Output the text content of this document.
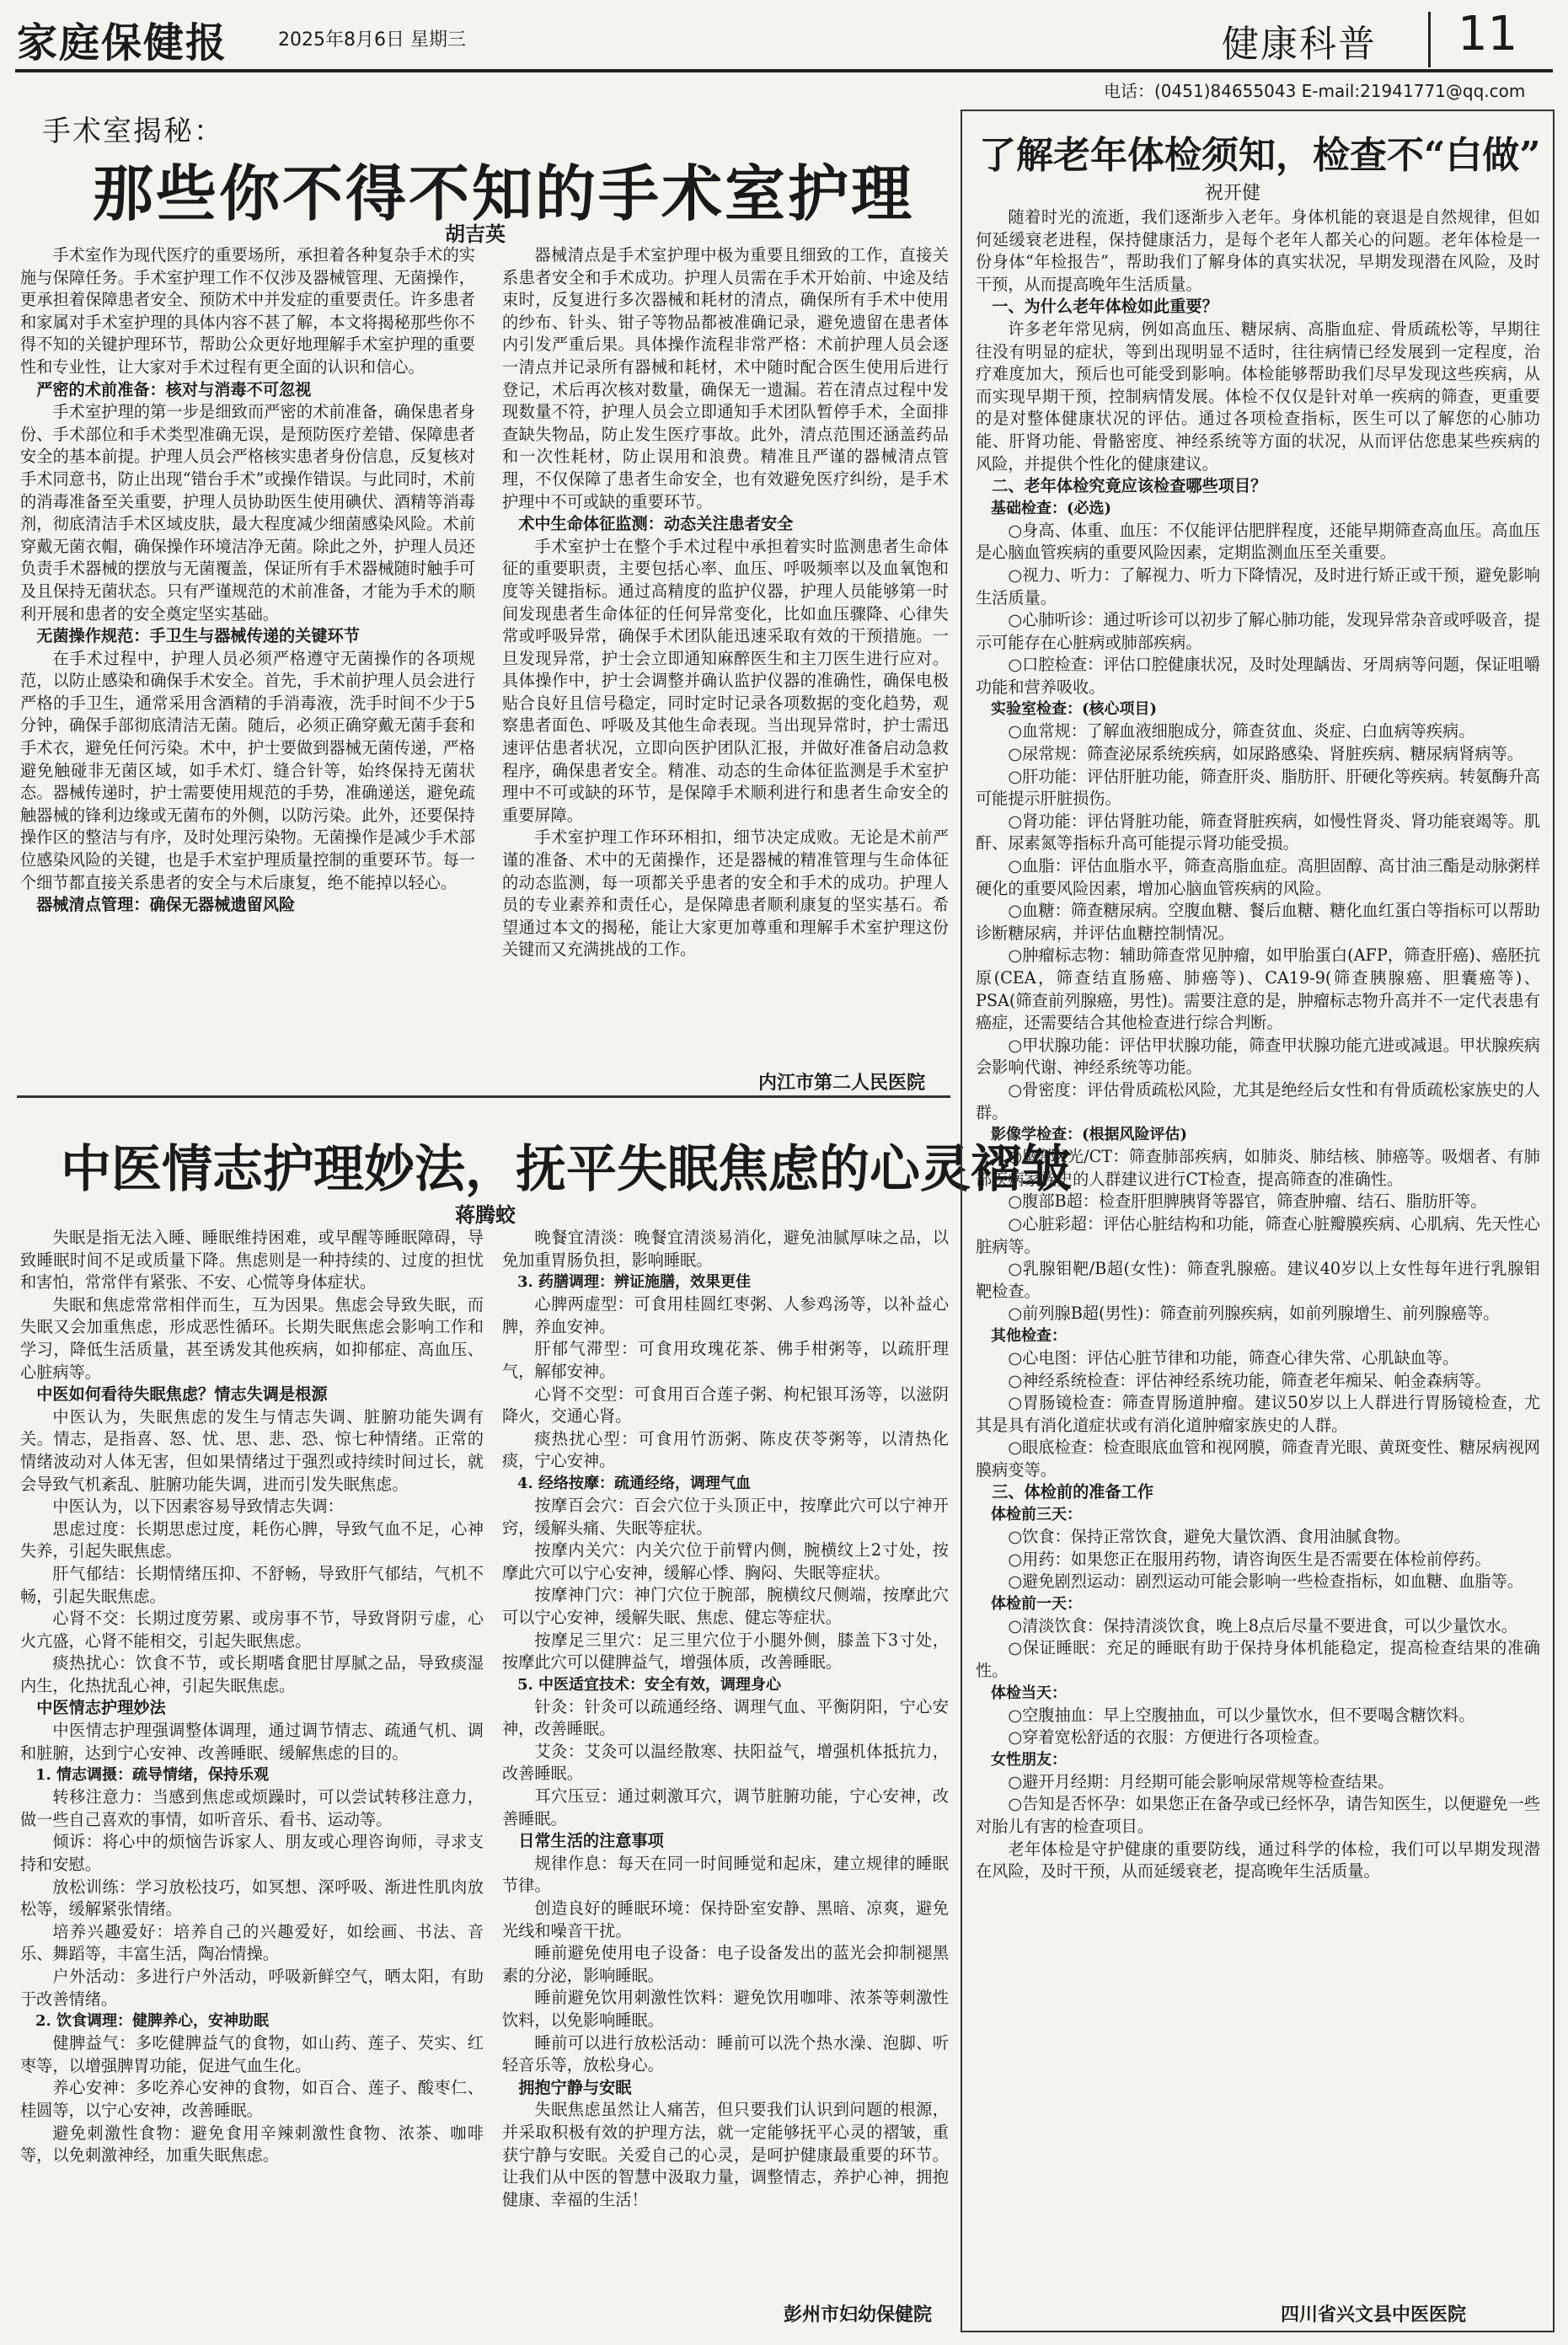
家庭保健报	2025年8月6日 星期三	健康科普 11
电话：(0451)84655043 E-mail:21941771@qq.com
手术室揭秘：
那些你不得不知的手术室护理
胡吉英

手术室作为现代医疗的重要场所，承担着各种复杂手术的实施与保障任务。手术室护理工作不仅涉及器械管理、无菌操作，更承担着保障患者安全、预防术中并发症的重要责任。许多患者和家属对手术室护理的具体内容不甚了解，本文将揭秘那些你不得不知的关键护理环节，帮助公众更好地理解手术室护理的重要性和专业性，让大家对手术过程有更全面的认识和信心。

严密的术前准备：核对与消毒不可忽视

手术室护理的第一步是细致而严密的术前准备，确保患者身份、手术部位和手术类型准确无误，是预防医疗差错、保障患者安全的基本前提。护理人员会严格核实患者身份信息，反复核对手术同意书，防止出现“错台手术”或操作错误。与此同时，术前的消毒准备至关重要，护理人员协助医生使用碘伏、酒精等消毒剂，彻底清洁手术区域皮肤，最大程度减少细菌感染风险。术前穿戴无菌衣帽，确保操作环境洁净无菌。除此之外，护理人员还负责手术器械的摆放与无菌覆盖，保证所有手术器械随时触手可及且保持无菌状态。只有严谨规范的术前准备，才能为手术的顺利开展和患者的安全奠定坚实基础。

无菌操作规范：手卫生与器械传递的关键环节

在手术过程中，护理人员必须严格遵守无菌操作的各项规范，以防止感染和确保手术安全。首先，手术前护理人员会进行严格的手卫生，通常采用含酒精的手消毒液，洗手时间不少于5分钟，确保手部彻底清洁无菌。随后，必须正确穿戴无菌手套和手术衣，避免任何污染。术中，护士要做到器械无菌传递，严格避免触碰非无菌区域，如手术灯、缝合针等，始终保持无菌状态。器械传递时，护士需要使用规范的手势，准确递送，避免疏触器械的锋利边缘或无菌布的外侧，以防污染。此外，还要保持操作区的整洁与有序，及时处理污染物。无菌操作是减少手术部位感染风险的关键，也是手术室护理质量控制的重要环节。每一个细节都直接关系患者的安全与术后康复，绝不能掉以轻心。

器械清点管理：确保无器械遗留风险

器械清点是手术室护理中极为重要且细致的工作，直接关系患者安全和手术成功。护理人员需在手术开始前、中途及结束时，反复进行多次器械和耗材的清点，确保所有手术中使用的纱布、针头、钳子等物品都被准确记录，避免遗留在患者体内引发严重后果。具体操作流程非常严格：术前护理人员会逐一清点并记录所有器械和耗材，术中随时配合医生使用后进行登记，术后再次核对数量，确保无一遗漏。若在清点过程中发现数量不符，护理人员会立即通知手术团队暂停手术，全面排查缺失物品，防止发生医疗事故。此外，清点范围还涵盖药品和一次性耗材，防止误用和浪费。精准且严谨的器械清点管理，不仅保障了患者生命安全，也有效避免医疗纠纷，是手术护理中不可或缺的重要环节。

术中生命体征监测：动态关注患者安全

手术室护士在整个手术过程中承担着实时监测患者生命体征的重要职责，主要包括心率、血压、呼吸频率以及血氧饱和度等关键指标。通过高精度的监护仪器，护理人员能够第一时间发现患者生命体征的任何异常变化，比如血压骤降、心律失常或呼吸异常，确保手术团队能迅速采取有效的干预措施。一旦发现异常，护士会立即通知麻醉医生和主刀医生进行应对。具体操作中，护士会调整并确认监护仪器的准确性，确保电极贴合良好且信号稳定，同时定时记录各项数据的变化趋势，观察患者面色、呼吸及其他生命表现。当出现异常时，护士需迅速评估患者状况，立即向医护团队汇报，并做好准备启动急救程序，确保患者安全。精准、动态的生命体征监测是手术室护理中不可或缺的环节，是保障手术顺利进行和患者生命安全的重要屏障。

手术室护理工作环环相扣，细节决定成败。无论是术前严谨的准备、术中的无菌操作，还是器械的精准管理与生命体征的动态监测，每一项都关乎患者的安全和手术的成功。护理人员的专业素养和责任心，是保障患者顺利康复的坚实基石。希望通过本文的揭秘，能让大家更加尊重和理解手术室护理这份关键而又充满挑战的工作。

内江市第二人民医院
中医情志护理妙法，抚平失眠焦虑的心灵褶皱
蒋腾蛟

失眠是指无法入睡、睡眠维持困难，或早醒等睡眠障碍，导致睡眠时间不足或质量下降。焦虑则是一种持续的、过度的担忧和害怕，常常伴有紧张、不安、心慌等身体症状。

失眠和焦虑常常相伴而生，互为因果。焦虑会导致失眠，而失眠又会加重焦虑，形成恶性循环。长期失眠焦虑会影响工作和学习，降低生活质量，甚至诱发其他疾病，如抑郁症、高血压、心脏病等。

中医如何看待失眠焦虑？情志失调是根源

中医认为，失眠焦虑的发生与情志失调、脏腑功能失调有关。情志，是指喜、怒、忧、思、悲、恐、惊七种情绪。正常的情绪波动对人体无害，但如果情绪过于强烈或持续时间过长，就会导致气机紊乱、脏腑功能失调，进而引发失眠焦虑。

中医认为，以下因素容易导致情志失调：

思虑过度：长期思虑过度，耗伤心脾，导致气血不足，心神失养，引起失眠焦虑。

肝气郁结：长期情绪压抑、不舒畅，导致肝气郁结，气机不畅，引起失眠焦虑。

心肾不交：长期过度劳累、或房事不节，导致肾阴亏虚，心火亢盛，心肾不能相交，引起失眠焦虑。

痰热扰心：饮食不节，或长期嗜食肥甘厚腻之品，导致痰湿内生，化热扰乱心神，引起失眠焦虑。

中医情志护理妙法

中医情志护理强调整体调理，通过调节情志、疏通气机、调和脏腑，达到宁心安神、改善睡眠、缓解焦虑的目的。

1. 情志调摄：疏导情绪，保持乐观

转移注意力：当感到焦虑或烦躁时，可以尝试转移注意力，做一些自己喜欢的事情，如听音乐、看书、运动等。

倾诉：将心中的烦恼告诉家人、朋友或心理咨询师，寻求支持和安慰。

放松训练：学习放松技巧，如冥想、深呼吸、渐进性肌肉放松等，缓解紧张情绪。

培养兴趣爱好：培养自己的兴趣爱好，如绘画、书法、音乐、舞蹈等，丰富生活，陶冶情操。

户外活动：多进行户外活动，呼吸新鲜空气，晒太阳，有助于改善情绪。

2. 饮食调理：健脾养心，安神助眠

健脾益气：多吃健脾益气的食物，如山药、莲子、芡实、红枣等，以增强脾胃功能，促进气血生化。

养心安神：多吃养心安神的食物，如百合、莲子、酸枣仁、桂圆等，以宁心安神，改善睡眠。

避免刺激性食物：避免食用辛辣刺激性食物、浓茶、咖啡等，以免刺激神经，加重失眠焦虑。

晚餐宜清淡：晚餐宜清淡易消化，避免油腻厚味之品，以免加重胃肠负担，影响睡眠。

3. 药膳调理：辨证施膳，效果更佳

心脾两虚型：可食用桂圆红枣粥、人参鸡汤等，以补益心脾，养血安神。

肝郁气滞型：可食用玫瑰花茶、佛手柑粥等，以疏肝理气，解郁安神。

心肾不交型：可食用百合莲子粥、枸杞银耳汤等，以滋阴降火，交通心肾。

痰热扰心型：可食用竹沥粥、陈皮茯苓粥等，以清热化痰，宁心安神。

4. 经络按摩：疏通经络，调理气血

按摩百会穴：百会穴位于头顶正中，按摩此穴可以宁神开窍，缓解头痛、失眠等症状。

按摩内关穴：内关穴位于前臂内侧，腕横纹上2寸处，按摩此穴可以宁心安神，缓解心悸、胸闷、失眠等症状。

按摩神门穴：神门穴位于腕部，腕横纹尺侧端，按摩此穴可以宁心安神，缓解失眠、焦虑、健忘等症状。

按摩足三里穴：足三里穴位于小腿外侧，膝盖下3寸处，按摩此穴可以健脾益气，增强体质，改善睡眠。

5. 中医适宜技术：安全有效，调理身心

针灸：针灸可以疏通经络、调理气血、平衡阴阳，宁心安神，改善睡眠。

艾灸：艾灸可以温经散寒、扶阳益气，增强机体抵抗力，改善睡眠。

耳穴压豆：通过刺激耳穴，调节脏腑功能，宁心安神，改善睡眠。

日常生活的注意事项

规律作息：每天在同一时间睡觉和起床，建立规律的睡眠节律。

创造良好的睡眠环境：保持卧室安静、黑暗、凉爽，避免光线和噪音干扰。

睡前避免使用电子设备：电子设备发出的蓝光会抑制褪黑素的分泌，影响睡眠。

睡前避免饮用刺激性饮料：避免饮用咖啡、浓茶等刺激性饮料，以免影响睡眠。

睡前可以进行放松活动：睡前可以洗个热水澡、泡脚、听轻音乐等，放松身心。

拥抱宁静与安眠

失眠焦虑虽然让人痛苦，但只要我们认识到问题的根源，并采取积极有效的护理方法，就一定能够抚平心灵的褶皱，重获宁静与安眠。关爱自己的心灵，是呵护健康最重要的环节。让我们从中医的智慧中汲取力量，调整情志，养护心神，拥抱健康、幸福的生活！

彭州市妇幼保健院
了解老年体检须知，检查不“白做”
祝开健

随着时光的流逝，我们逐渐步入老年。身体机能的衰退是自然规律，但如何延缓衰老进程，保持健康活力，是每个老年人都关心的问题。老年体检是一份身体“年检报告”，帮助我们了解身体的真实状况，早期发现潜在风险，及时干预，从而提高晚年生活质量。

一、为什么老年体检如此重要？

许多老年常见病，例如高血压、糖尿病、高脂血症、骨质疏松等，早期往往没有明显的症状，等到出现明显不适时，往往病情已经发展到一定程度，治疗难度加大，预后也可能受到影响。体检能够帮助我们尽早发现这些疾病，从而实现早期干预，控制病情发展。体检不仅仅是针对单一疾病的筛查，更重要的是对整体健康状况的评估。通过各项检查指标，医生可以了解您的心肺功能、肝肾功能、骨骼密度、神经系统等方面的状况，从而评估您患某些疾病的风险，并提供个性化的健康建议。

二、老年体检究竟应该检查哪些项目？
基础检查：(必选)

○身高、体重、血压：不仅能评估肥胖程度，还能早期筛查高血压。高血压是心脑血管疾病的重要风险因素，定期监测血压至关重要。

○视力、听力：了解视力、听力下降情况，及时进行矫正或干预，避免影响生活质量。

○心肺听诊：通过听诊可以初步了解心肺功能，发现异常杂音或呼吸音，提示可能存在心脏病或肺部疾病。

○口腔检查：评估口腔健康状况，及时处理龋齿、牙周病等问题，保证咀嚼功能和营养吸收。

实验室检查：(核心项目)

○血常规：了解血液细胞成分，筛查贫血、炎症、白血病等疾病。

○尿常规：筛查泌尿系统疾病，如尿路感染、肾脏疾病、糖尿病肾病等。

○肝功能：评估肝脏功能，筛查肝炎、脂肪肝、肝硬化等疾病。转氨酶升高可能提示肝脏损伤。

○肾功能：评估肾脏功能，筛查肾脏疾病，如慢性肾炎、肾功能衰竭等。肌酐、尿素氮等指标升高可能提示肾功能受损。

○血脂：评估血脂水平，筛查高脂血症。高胆固醇、高甘油三酯是动脉粥样硬化的重要风险因素，增加心脑血管疾病的风险。

○血糖：筛查糖尿病。空腹血糖、餐后血糖、糖化血红蛋白等指标可以帮助诊断糖尿病，并评估血糖控制情况。

○肿瘤标志物：辅助筛查常见肿瘤，如甲胎蛋白(AFP，筛查肝癌)、癌胚抗原(CEA，筛查结直肠癌、肺癌等)、CA19-9(筛查胰腺癌、胆囊癌等)、PSA(筛查前列腺癌，男性)。需要注意的是，肿瘤标志物升高并不一定代表患有癌症，还需要结合其他检查进行综合判断。

○甲状腺功能：评估甲状腺功能，筛查甲状腺功能亢进或减退。甲状腺疾病会影响代谢、神经系统等功能。

○骨密度：评估骨质疏松风险，尤其是绝经后女性和有骨质疏松家族史的人群。

影像学检查：(根据风险评估)

○胸部X光/CT：筛查肺部疾病，如肺炎、肺结核、肺癌等。吸烟者、有肺部疾病家族史的人群建议进行CT检查，提高筛查的准确性。

○腹部B超：检查肝胆脾胰肾等器官，筛查肿瘤、结石、脂肪肝等。

○心脏彩超：评估心脏结构和功能，筛查心脏瓣膜疾病、心肌病、先天性心脏病等。

○乳腺钼靶/B超(女性)：筛查乳腺癌。建议40岁以上女性每年进行乳腺钼靶检查。

○前列腺B超(男性)：筛查前列腺疾病，如前列腺增生、前列腺癌等。

其他检查：

○心电图：评估心脏节律和功能，筛查心律失常、心肌缺血等。

○神经系统检查：评估神经系统功能，筛查老年痴呆、帕金森病等。

○胃肠镜检查：筛查胃肠道肿瘤。建议50岁以上人群进行胃肠镜检查，尤其是具有消化道症状或有消化道肿瘤家族史的人群。

○眼底检查：检查眼底血管和视网膜，筛查青光眼、黄斑变性、糖尿病视网膜病变等。

三、体检前的准备工作
体检前三天：

○饮食：保持正常饮食，避免大量饮酒、食用油腻食物。

○用药：如果您正在服用药物，请咨询医生是否需要在体检前停药。

○避免剧烈运动：剧烈运动可能会影响一些检查指标，如血糖、血脂等。

体检前一天：

○清淡饮食：保持清淡饮食，晚上8点后尽量不要进食，可以少量饮水。

○保证睡眠：充足的睡眠有助于保持身体机能稳定，提高检查结果的准确性。

体检当天：

○空腹抽血：早上空腹抽血，可以少量饮水，但不要喝含糖饮料。

○穿着宽松舒适的衣服：方便进行各项检查。

女性朋友：

○避开月经期：月经期可能会影响尿常规等检查结果。

○告知是否怀孕：如果您正在备孕或已经怀孕，请告知医生，以便避免一些对胎儿有害的检查项目。

老年体检是守护健康的重要防线，通过科学的体检，我们可以早期发现潜在风险，及时干预，从而延缓衰老，提高晚年生活质量。

四川省兴文县中医医院
